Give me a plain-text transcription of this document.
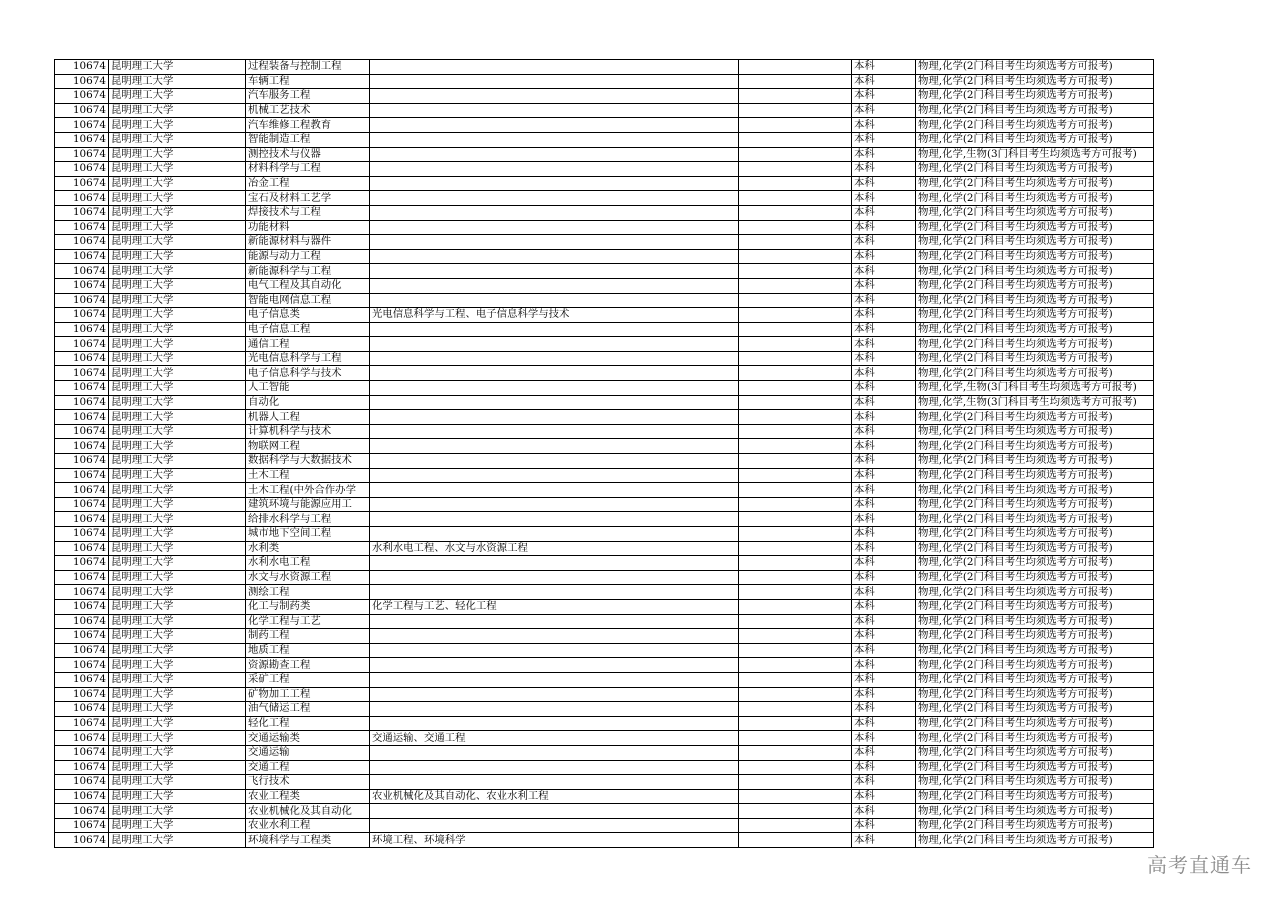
10674	昆明理工大学	过程装备与控制工程			本科	物理,化学(2门科目考生均须选考方可报考)
10674	昆明理工大学	车辆工程			本科	物理,化学(2门科目考生均须选考方可报考)
10674	昆明理工大学	汽车服务工程			本科	物理,化学(2门科目考生均须选考方可报考)
10674	昆明理工大学	机械工艺技术			本科	物理,化学(2门科目考生均须选考方可报考)
10674	昆明理工大学	汽车维修工程教育			本科	物理,化学(2门科目考生均须选考方可报考)
10674	昆明理工大学	智能制造工程			本科	物理,化学(2门科目考生均须选考方可报考)
10674	昆明理工大学	测控技术与仪器			本科	物理,化学,生物(3门科目考生均须选考方可报考)
10674	昆明理工大学	材料科学与工程			本科	物理,化学(2门科目考生均须选考方可报考)
10674	昆明理工大学	冶金工程			本科	物理,化学(2门科目考生均须选考方可报考)
10674	昆明理工大学	宝石及材料工艺学			本科	物理,化学(2门科目考生均须选考方可报考)
10674	昆明理工大学	焊接技术与工程			本科	物理,化学(2门科目考生均须选考方可报考)
10674	昆明理工大学	功能材料			本科	物理,化学(2门科目考生均须选考方可报考)
10674	昆明理工大学	新能源材料与器件			本科	物理,化学(2门科目考生均须选考方可报考)
10674	昆明理工大学	能源与动力工程			本科	物理,化学(2门科目考生均须选考方可报考)
10674	昆明理工大学	新能源科学与工程			本科	物理,化学(2门科目考生均须选考方可报考)
10674	昆明理工大学	电气工程及其自动化			本科	物理,化学(2门科目考生均须选考方可报考)
10674	昆明理工大学	智能电网信息工程			本科	物理,化学(2门科目考生均须选考方可报考)
10674	昆明理工大学	电子信息类	光电信息科学与工程、电子信息科学与技术		本科	物理,化学(2门科目考生均须选考方可报考)
10674	昆明理工大学	电子信息工程			本科	物理,化学(2门科目考生均须选考方可报考)
10674	昆明理工大学	通信工程			本科	物理,化学(2门科目考生均须选考方可报考)
10674	昆明理工大学	光电信息科学与工程			本科	物理,化学(2门科目考生均须选考方可报考)
10674	昆明理工大学	电子信息科学与技术			本科	物理,化学(2门科目考生均须选考方可报考)
10674	昆明理工大学	人工智能			本科	物理,化学,生物(3门科目考生均须选考方可报考)
10674	昆明理工大学	自动化			本科	物理,化学,生物(3门科目考生均须选考方可报考)
10674	昆明理工大学	机器人工程			本科	物理,化学(2门科目考生均须选考方可报考)
10674	昆明理工大学	计算机科学与技术			本科	物理,化学(2门科目考生均须选考方可报考)
10674	昆明理工大学	物联网工程			本科	物理,化学(2门科目考生均须选考方可报考)
10674	昆明理工大学	数据科学与大数据技术			本科	物理,化学(2门科目考生均须选考方可报考)
10674	昆明理工大学	土木工程			本科	物理,化学(2门科目考生均须选考方可报考)
10674	昆明理工大学	土木工程(中外合作办学			本科	物理,化学(2门科目考生均须选考方可报考)
10674	昆明理工大学	建筑环境与能源应用工			本科	物理,化学(2门科目考生均须选考方可报考)
10674	昆明理工大学	给排水科学与工程			本科	物理,化学(2门科目考生均须选考方可报考)
10674	昆明理工大学	城市地下空间工程			本科	物理,化学(2门科目考生均须选考方可报考)
10674	昆明理工大学	水利类	水利水电工程、水文与水资源工程		本科	物理,化学(2门科目考生均须选考方可报考)
10674	昆明理工大学	水利水电工程			本科	物理,化学(2门科目考生均须选考方可报考)
10674	昆明理工大学	水文与水资源工程			本科	物理,化学(2门科目考生均须选考方可报考)
10674	昆明理工大学	测绘工程			本科	物理,化学(2门科目考生均须选考方可报考)
10674	昆明理工大学	化工与制药类	化学工程与工艺、轻化工程		本科	物理,化学(2门科目考生均须选考方可报考)
10674	昆明理工大学	化学工程与工艺			本科	物理,化学(2门科目考生均须选考方可报考)
10674	昆明理工大学	制药工程			本科	物理,化学(2门科目考生均须选考方可报考)
10674	昆明理工大学	地质工程			本科	物理,化学(2门科目考生均须选考方可报考)
10674	昆明理工大学	资源勘查工程			本科	物理,化学(2门科目考生均须选考方可报考)
10674	昆明理工大学	采矿工程			本科	物理,化学(2门科目考生均须选考方可报考)
10674	昆明理工大学	矿物加工工程			本科	物理,化学(2门科目考生均须选考方可报考)
10674	昆明理工大学	油气储运工程			本科	物理,化学(2门科目考生均须选考方可报考)
10674	昆明理工大学	轻化工程			本科	物理,化学(2门科目考生均须选考方可报考)
10674	昆明理工大学	交通运输类	交通运输、交通工程		本科	物理,化学(2门科目考生均须选考方可报考)
10674	昆明理工大学	交通运输			本科	物理,化学(2门科目考生均须选考方可报考)
10674	昆明理工大学	交通工程			本科	物理,化学(2门科目考生均须选考方可报考)
10674	昆明理工大学	飞行技术			本科	物理,化学(2门科目考生均须选考方可报考)
10674	昆明理工大学	农业工程类	农业机械化及其自动化、农业水利工程		本科	物理,化学(2门科目考生均须选考方可报考)
10674	昆明理工大学	农业机械化及其自动化			本科	物理,化学(2门科目考生均须选考方可报考)
10674	昆明理工大学	农业水利工程			本科	物理,化学(2门科目考生均须选考方可报考)
10674	昆明理工大学	环境科学与工程类	环境工程、环境科学		本科	物理,化学(2门科目考生均须选考方可报考)
高考直通车
